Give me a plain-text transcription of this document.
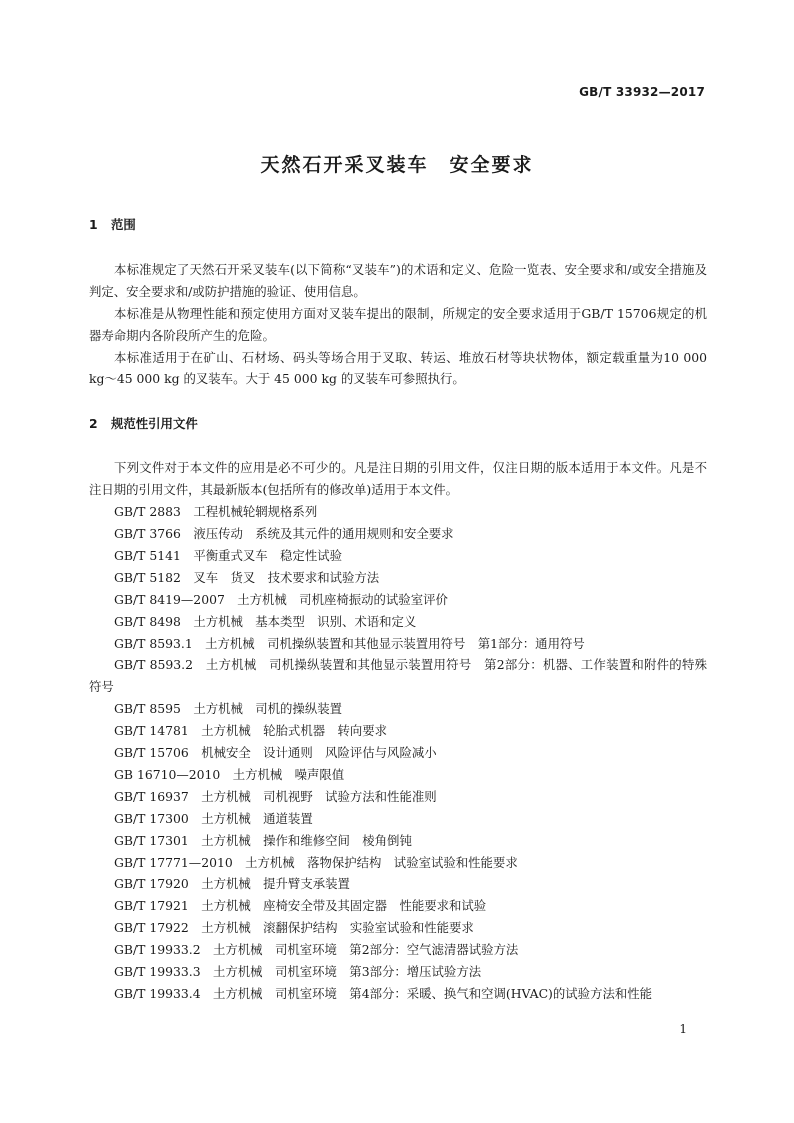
GB/T 33932—2017
天然石开采叉装车　安全要求
1 范围

本标准规定了天然石开采叉装车(以下简称“叉装车”)的术语和定义、危险一览表、安全要求和/或安全措施及判定、安全要求和/或防护措施的验证、使用信息。

本标准是从物理性能和预定使用方面对叉装车提出的限制，所规定的安全要求适用于GB/T 15706规定的机器寿命期内各阶段所产生的危险。

本标准适用于在矿山、石材场、码头等场合用于叉取、转运、堆放石材等块状物体，额定载重量为10 000 kg～45 000 kg 的叉装车。大于 45 000 kg 的叉装车可参照执行。

2 规范性引用文件

下列文件对于本文件的应用是必不可少的。凡是注日期的引用文件，仅注日期的版本适用于本文件。凡是不注日期的引用文件，其最新版本(包括所有的修改单)适用于本文件。

GB/T 2883　 工程机械轮辋规格系列

GB/T 3766　 液压传动　系统及其元件的通用规则和安全要求

GB/T 5141　 平衡重式叉车　稳定性试验

GB/T 5182　 叉车　货叉　技术要求和试验方法

GB/T 8419—2007　 土方机械　司机座椅振动的试验室评价

GB/T 8498　 土方机械　基本类型　识别、术语和定义

GB/T 8593.1　 土方机械　司机操纵装置和其他显示装置用符号　第1部分：通用符号

GB/T 8593.2　 土方机械　司机操纵装置和其他显示装置用符号　第2部分：机器、工作装置和附件的特殊符号

GB/T 8595　 土方机械　司机的操纵装置

GB/T 14781　 土方机械　轮胎式机器　转向要求

GB/T 15706　 机械安全　设计通则　风险评估与风险减小

GB 16710—2010　 土方机械　噪声限值

GB/T 16937　 土方机械　司机视野　试验方法和性能准则

GB/T 17300　 土方机械　通道装置

GB/T 17301　 土方机械　操作和维修空间　棱角倒钝

GB/T 17771—2010　 土方机械　落物保护结构　试验室试验和性能要求

GB/T 17920　 土方机械　提升臂支承装置

GB/T 17921　 土方机械　座椅安全带及其固定器　性能要求和试验

GB/T 17922　 土方机械　滚翻保护结构　实验室试验和性能要求

GB/T 19933.2　 土方机械　司机室环境　第2部分：空气滤清器试验方法

GB/T 19933.3　 土方机械　司机室环境　第3部分：增压试验方法

GB/T 19933.4　 土方机械　司机室环境　第4部分：采暖、换气和空调(HVAC)的试验方法和性能

1
